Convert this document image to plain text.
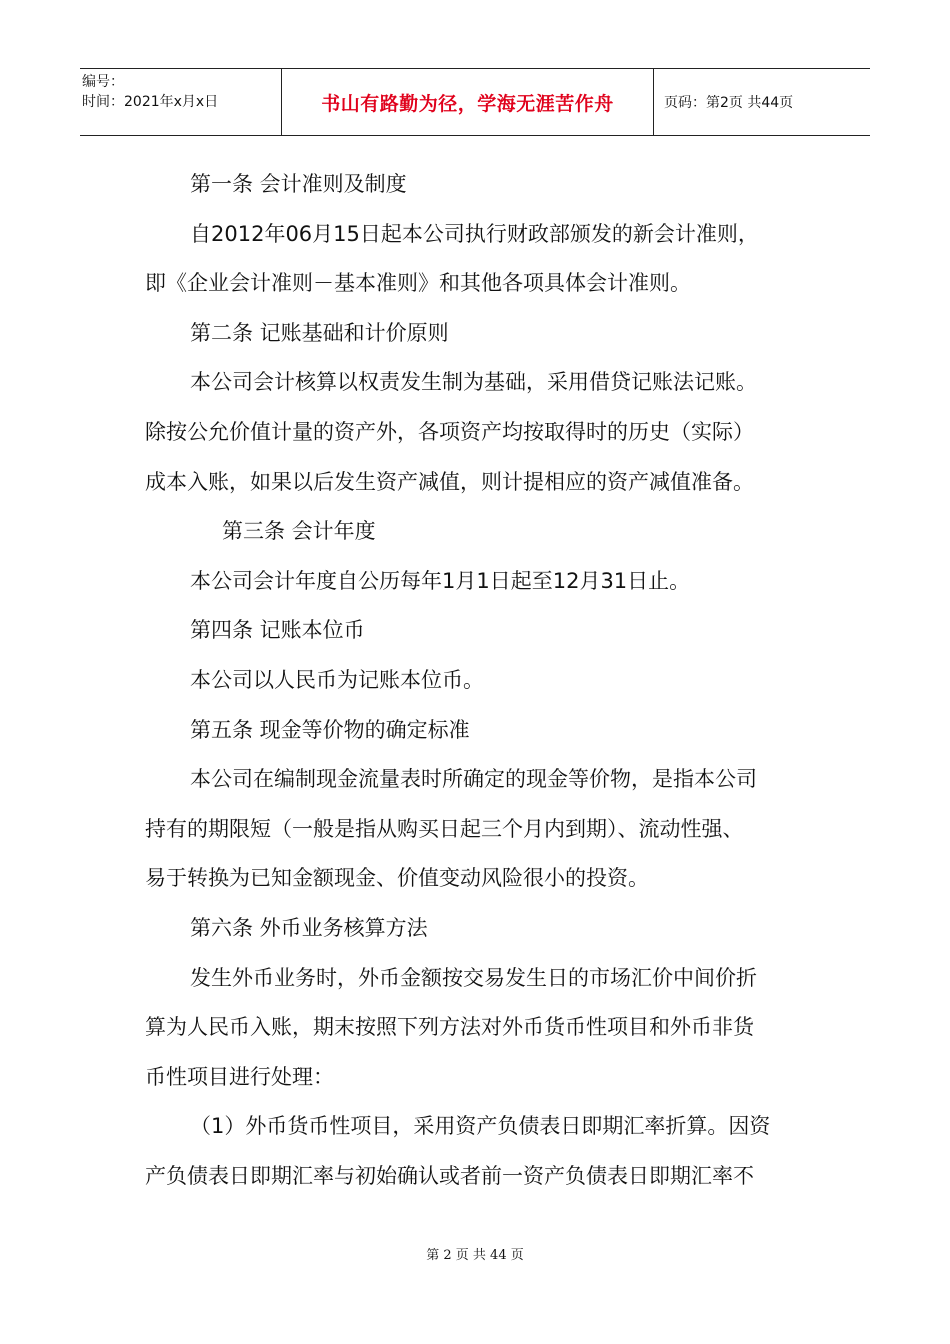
编号：
时间：2021年x月x日	书山有路勤为径，学海无涯苦作舟	页码：第2页 共44页
第一条 会计准则及制度
自2012年06月15日起本公司执行财政部颁发的新会计准则，
即《企业会计准则－基本准则》和其他各项具体会计准则。
第二条 记账基础和计价原则
本公司会计核算以权责发生制为基础，采用借贷记账法记账。
除按公允价值计量的资产外，各项资产均按取得时的历史（实际）
成本入账，如果以后发生资产减值，则计提相应的资产减值准备。
第三条 会计年度
本公司会计年度自公历每年1月1日起至12月31日止。
第四条 记账本位币
本公司以人民币为记账本位币。
第五条 现金等价物的确定标准
本公司在编制现金流量表时所确定的现金等价物，是指本公司
持有的期限短（一般是指从购买日起三个月内到期）、流动性强、
易于转换为已知金额现金、价值变动风险很小的投资。
第六条 外币业务核算方法
发生外币业务时，外币金额按交易发生日的市场汇价中间价折
算为人民币入账，期末按照下列方法对外币货币性项目和外币非货
币性项目进行处理：
（1）外币货币性项目，采用资产负债表日即期汇率折算。因资
产负债表日即期汇率与初始确认或者前一资产负债表日即期汇率不
第 2 页 共 44 页
